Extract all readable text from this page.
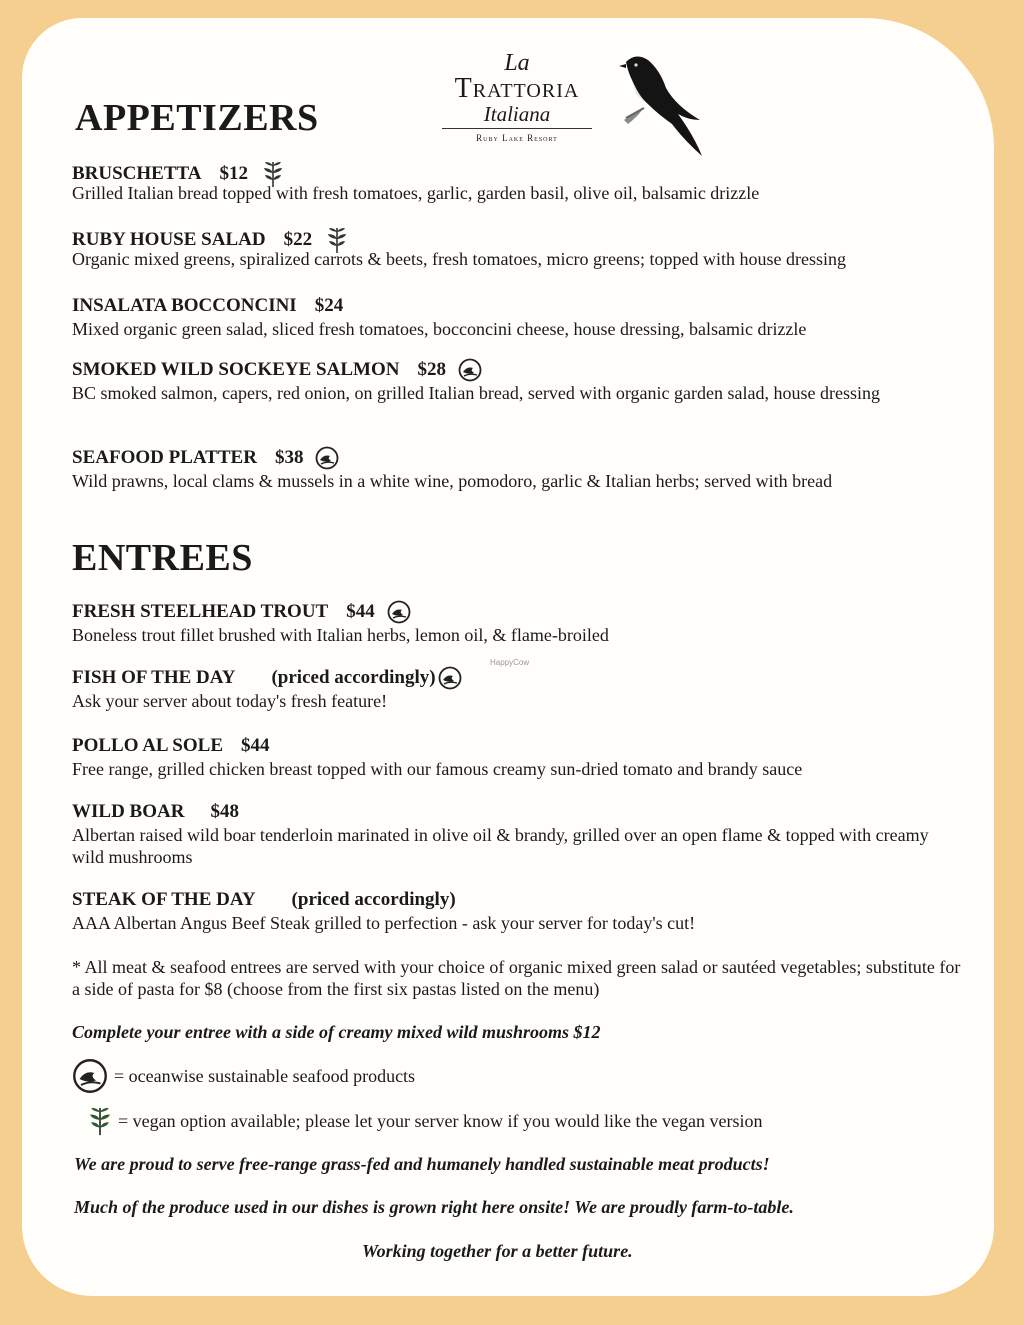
La
Trattoria
Italiana
Ruby Lake Resort
APPETIZERS
BRUSCHETTA $12
Grilled Italian bread topped with fresh tomatoes, garlic, garden basil, olive oil, balsamic drizzle
RUBY HOUSE SALAD $22
Organic mixed greens, spiralized carrots & beets, fresh tomatoes, micro greens; topped with house dressing
INSALATA BOCCONCINI $24
Mixed organic green salad, sliced fresh tomatoes, bocconcini cheese, house dressing, balsamic drizzle
SMOKED WILD SOCKEYE SALMON $28
BC smoked salmon, capers, red onion, on grilled Italian bread, served with organic garden salad, house dressing
SEAFOOD PLATTER $38
Wild prawns, local clams & mussels in a white wine, pomodoro, garlic & Italian herbs; served with bread
ENTREES
FRESH STEELHEAD TROUT $44
Boneless trout fillet brushed with Italian herbs, lemon oil, & flame-broiled
HappyCow
FISH OF THE DAY (priced accordingly)
Ask your server about today's fresh feature!
POLLO AL SOLE $44
Free range, grilled chicken breast topped with our famous creamy sun-dried tomato and brandy sauce
WILD BOAR $48
Albertan raised wild boar tenderloin marinated in olive oil & brandy, grilled over an open flame & topped with creamy wild mushrooms
STEAK OF THE DAY (priced accordingly)
AAA Albertan Angus Beef Steak grilled to perfection - ask your server for today's cut!
* All meat & seafood entrees are served with your choice of organic mixed green salad or sautéed vegetables; substitute for a side of pasta for $8 (choose from the first six pastas listed on the menu)
Complete your entree with a side of creamy mixed wild mushrooms $12
= oceanwise sustainable seafood products
= vegan option available; please let your server know if you would like the vegan version
We are proud to serve free-range grass-fed and humanely handled sustainable meat products!
Much of the produce used in our dishes is grown right here onsite! We are proudly farm-to-table.
Working together for a better future.
